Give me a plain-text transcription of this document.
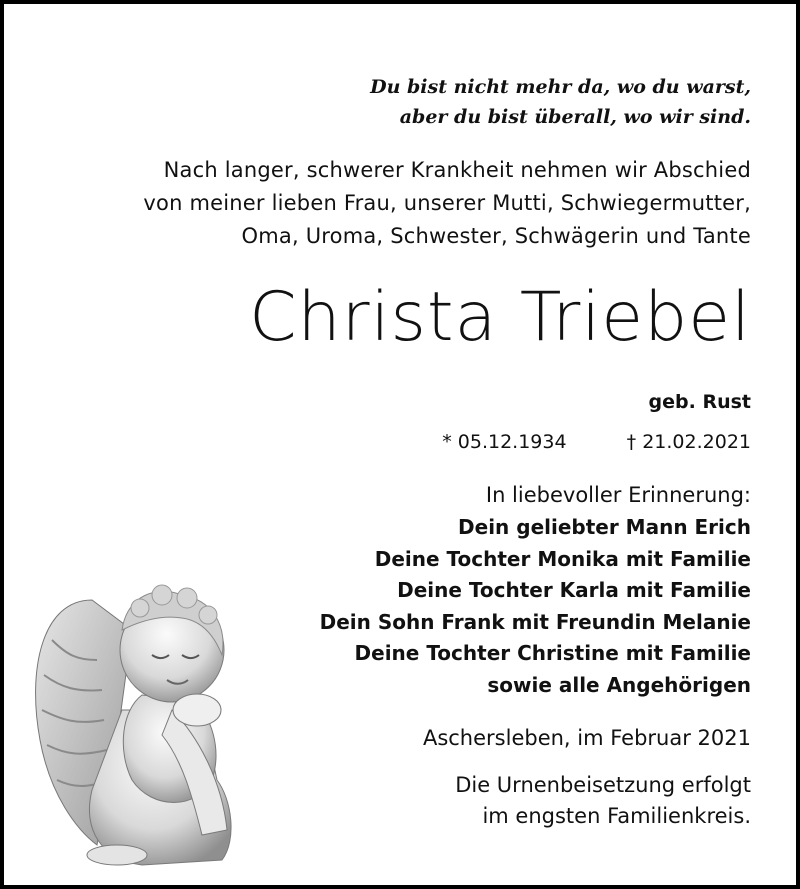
Du bist nicht mehr da, wo du warst,
aber du bist überall, wo wir sind.
Nach langer, schwerer Krankheit nehmen wir Abschied
von meiner lieben Frau, unserer Mutti, Schwiegermutter,
Oma, Uroma, Schwester, Schwägerin und Tante
Christa Triebel
geb. Rust
* 05.12.1934	† 21.02.2021
In liebevoller Erinnerung:
Dein geliebter Mann Erich
Deine Tochter Monika mit Familie
Deine Tochter Karla mit Familie
Dein Sohn Frank mit Freundin Melanie
Deine Tochter Christine mit Familie
sowie alle Angehörigen
Aschersleben, im Februar 2021
Die Urnenbeisetzung erfolgt
im engsten Familienkreis.
